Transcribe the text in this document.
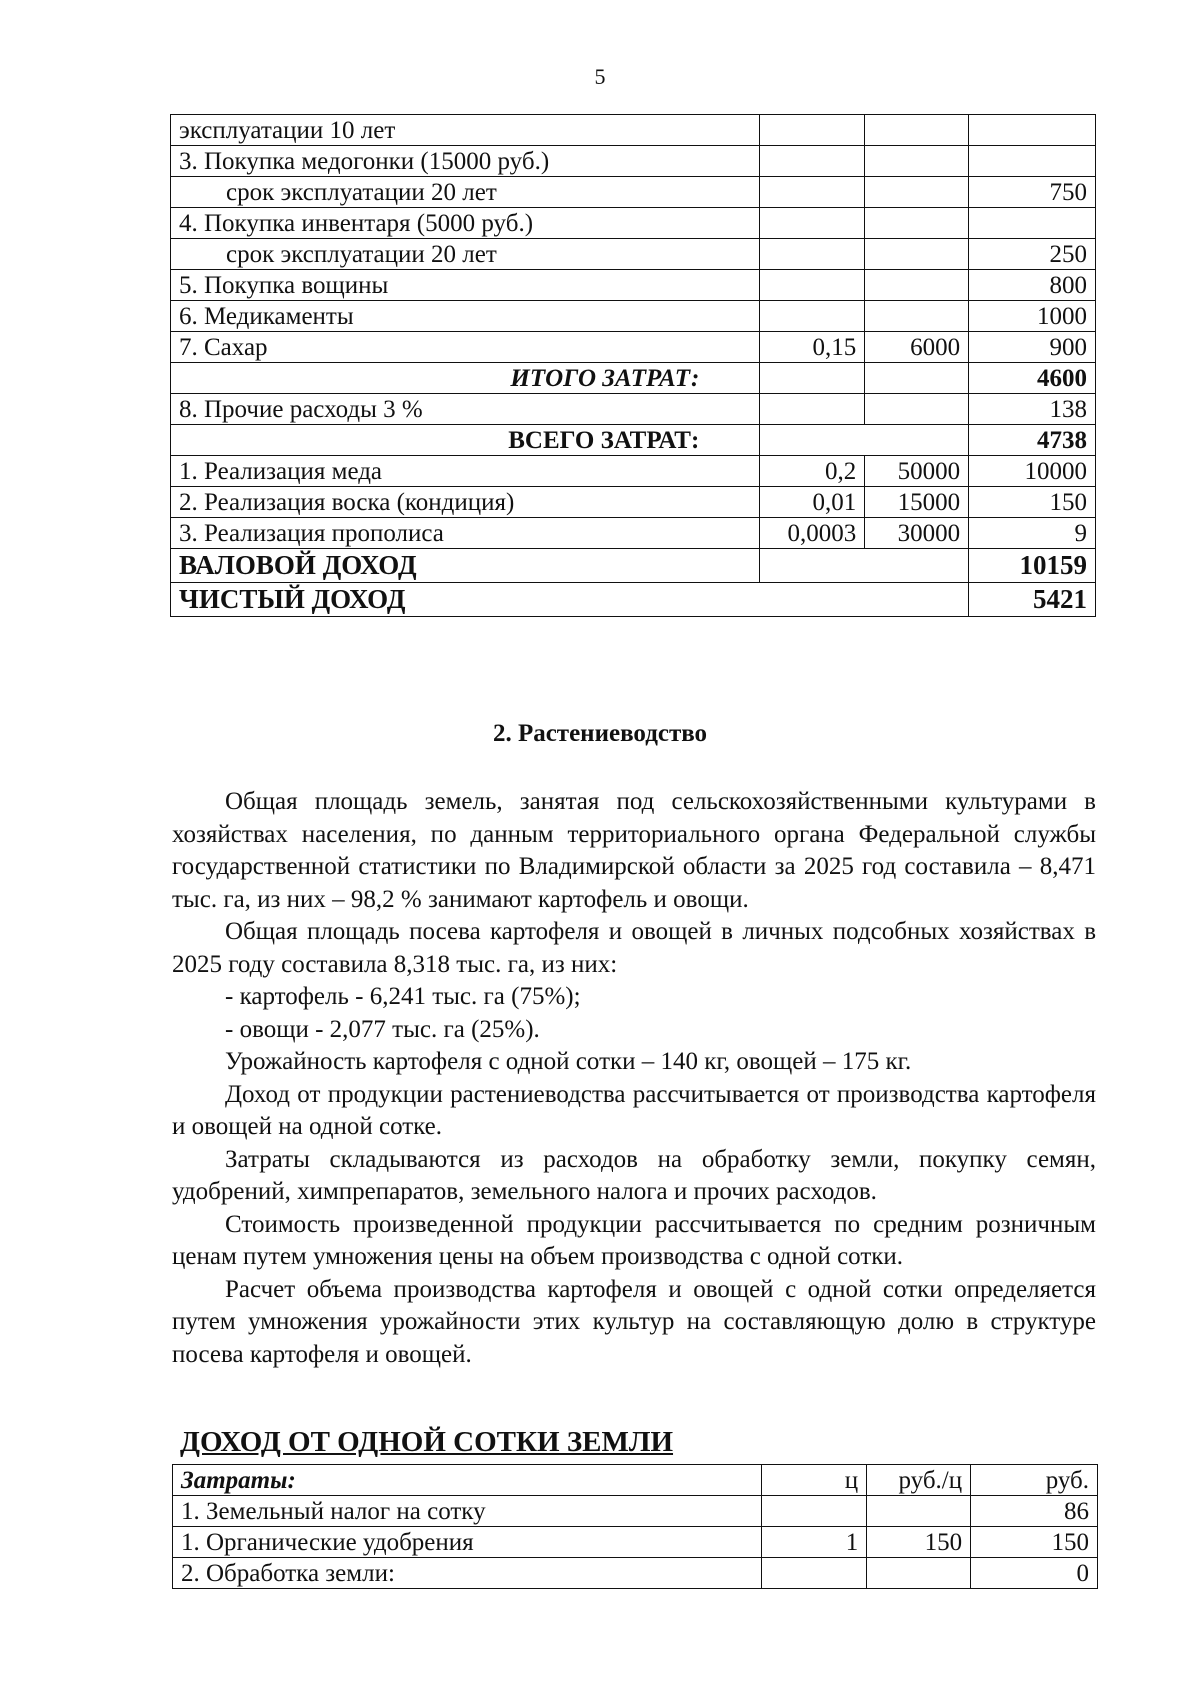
5
эксплуатации 10 лет			
3. Покупка медогонки (15000 руб.)			
срок эксплуатации 20 лет			750
4. Покупка инвентаря (5000 руб.)			
срок эксплуатации 20 лет			250
5. Покупка вощины			800
6. Медикаменты			1000
7. Сахар	0,15	6000	900
ИТОГО ЗАТРАТ:			4600
8. Прочие расходы 3 %			138
ВСЕГО ЗАТРАТ:			4738
1. Реализация меда	0,2	50000	10000
2. Реализация воска (кондиция)	0,01	15000	150
3. Реализация прополиса	0,0003	30000	9
ВАЛОВОЙ ДОХОД			10159
ЧИСТЫЙ ДОХОД			5421
2. Растениеводство

Общая площадь земель, занятая под сельскохозяйственными культурами в хозяйствах населения, по данным территориального органа Федеральной службы государственной статистики по Владимирской области за 2025 год составила – 8,471 тыс. га, из них – 98,2 % занимают картофель и овощи.

Общая площадь посева картофеля и овощей в личных подсобных хозяйствах в 2025 году составила 8,318 тыс. га, из них:

- картофель - 6,241 тыс. га (75%);

- овощи - 2,077 тыс. га (25%).

Урожайность картофеля с одной сотки – 140 кг, овощей – 175 кг.

Доход от продукции растениеводства рассчитывается от производства картофеля и овощей на одной сотке.

Затраты складываются из расходов на обработку земли, покупку семян, удобрений, химпрепаратов, земельного налога и прочих расходов.

Стоимость произведенной продукции рассчитывается по средним розничным ценам путем умножения цены на объем производства с одной сотки.

Расчет объема производства картофеля и овощей с одной сотки определяется путем умножения урожайности этих культур на составляющую долю в структуре посева картофеля и овощей.

ДОХОД ОТ ОДНОЙ СОТКИ ЗЕМЛИ
Затраты:	ц	руб./ц	руб.
1. Земельный налог на сотку			86
1. Органические удобрения	1	150	150
2. Обработка земли:			0
